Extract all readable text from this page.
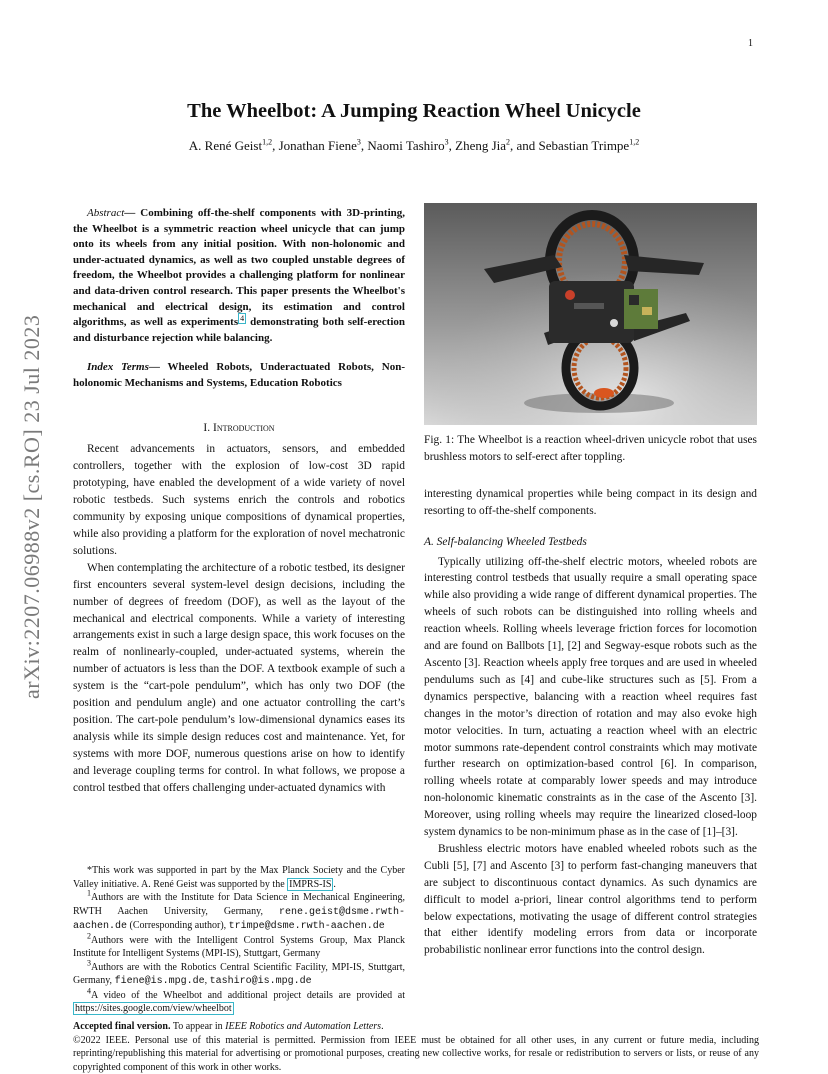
1
arXiv:2207.06988v2 [cs.RO] 23 Jul 2023
The Wheelbot: A Jumping Reaction Wheel Unicycle
A. René Geist$^{1,2}$, Jonathan Fiene$^3$, Naomi Tashiro$^3$, Zheng Jia$^2$, and Sebastian Trimpe$^{1,2}$

Abstract— Combining off-the-shelf components with 3D-printing, the Wheelbot is a symmetric reaction wheel unicycle that can jump onto its wheels from any initial position. With non-holonomic and under-actuated dynamics, as well as two coupled unstable degrees of freedom, the Wheelbot provides a challenging platform for nonlinear and data-driven control research. This paper presents the Wheelbot's mechanical and electrical design, its estimation and control algorithms, as well as experiments $^4$ demonstrating both self-erection and disturbance rejection while balancing.

Index Terms— Wheeled Robots, Underactuated Robots, Non-holonomic Mechanisms and Systems, Education Robotics

I. Introduction

Recent advancements in actuators, sensors, and embedded controllers, together with the explosion of low-cost 3D rapid prototyping, have enabled the development of a wide variety of novel robotic testbeds. Such systems enrich the controls and robotics community by exposing unique compositions of dynamical properties, while also providing a platform for the exploration of novel mechatronic solutions.

When contemplating the architecture of a robotic testbed, its designer first encounters several system-level design decisions, including the number of degrees of freedom (DOF), as well as the layout of the mechanical and electrical components. While a variety of interesting arrangements exist in such a large design space, this work focuses on the realm of nonlinearly-coupled, under-actuated systems, wherein the number of actuators is less than the DOF. A textbook example of such a system is the “cart-pole pendulum”, which has only two DOF (the position and pendulum angle) and one actuator controlling the cart’s position. The cart-pole pendulum’s low-dimensional dynamics eases its analysis while its simple design reduces cost and maintenance. Yet, for systems with more DOF, numerous questions arise on how to identify and leverage coupling terms for control. In what follows, we propose a control testbed that offers challenging under-actuated dynamics with

*This work was supported in part by the Max Planck Society and the Cyber Valley initiative. A. René Geist was supported by the IMPRS-IS .

$^1$Authors are with the Institute for Data Science in Mechanical Engineering, RWTH Aachen University, Germany, rene.geist@dsme.rwth-aachen.de (Corresponding author), trimpe@dsme.rwth-aachen.de

$^2$Authors were with the Intelligent Control Systems Group, Max Planck Institute for Intelligent Systems (MPI-IS), Stuttgart, Germany

$^3$Authors are with the Robotics Central Scientific Facility, MPI-IS, Stuttgart, Germany, fiene@is.mpg.de, tashiro@is.mpg.de

$^4$A video of the Wheelbot and additional project details are provided at https://sites.google.com/view/wheelbot

Fig. 1: The Wheelbot is a reaction wheel-driven unicycle robot that uses brushless motors to self-erect after toppling.

interesting dynamical properties while being compact in its design and resorting to off-the-shelf components.

A. Self-balancing Wheeled Testbeds

Typically utilizing off-the-shelf electric motors, wheeled robots are interesting control testbeds that usually require a small operating space while also providing a wide range of different dynamical properties. The wheels of such robots can be distinguished into rolling wheels and reaction wheels. Rolling wheels leverage friction forces for locomotion and are found on Ballbots [1], [2] and Segway-esque robots such as the Ascento [3]. Reaction wheels apply free torques and are used in wheeled pendulums such as [4] and cube-like structures such as [5]. From a dynamics perspective, balancing with a reaction wheel requires fast changes in the motor’s direction of rotation and may also evoke high motor velocities. In turn, actuating a reaction wheel with an electric motor summons rate-dependent control constraints which may motivate further research on optimization-based control [6]. In comparison, rolling wheels rotate at comparably lower speeds and may introduce non-holonomic kinematic constraints as in the case of the Ascento [3]. Moreover, using rolling wheels may require the linearized closed-loop system dynamics to be non-minimum phase as in the case of [1]–[3].

Brushless electric motors have enabled wheeled robots such as the Cubli [5], [7] and Ascento [3] to perform fast-changing maneuvers that are subject to discontinuous contact dynamics. As such dynamics are difficult to model a-priori, linear control algorithms tend to perform below expectations, motivating the usage of different control strategies that either identify modeling errors from data or incorporate probabilistic nonlinear error functions into the control design.

Accepted final version. To appear in IEEE Robotics and Automation Letters.
©2022 IEEE. Personal use of this material is permitted. Permission from IEEE must be obtained for all other uses, in any current or future media, including reprinting/republishing this material for advertising or promotional purposes, creating new collective works, for resale or redistribution to servers or lists, or reuse of any copyrighted component of this work in other works.
